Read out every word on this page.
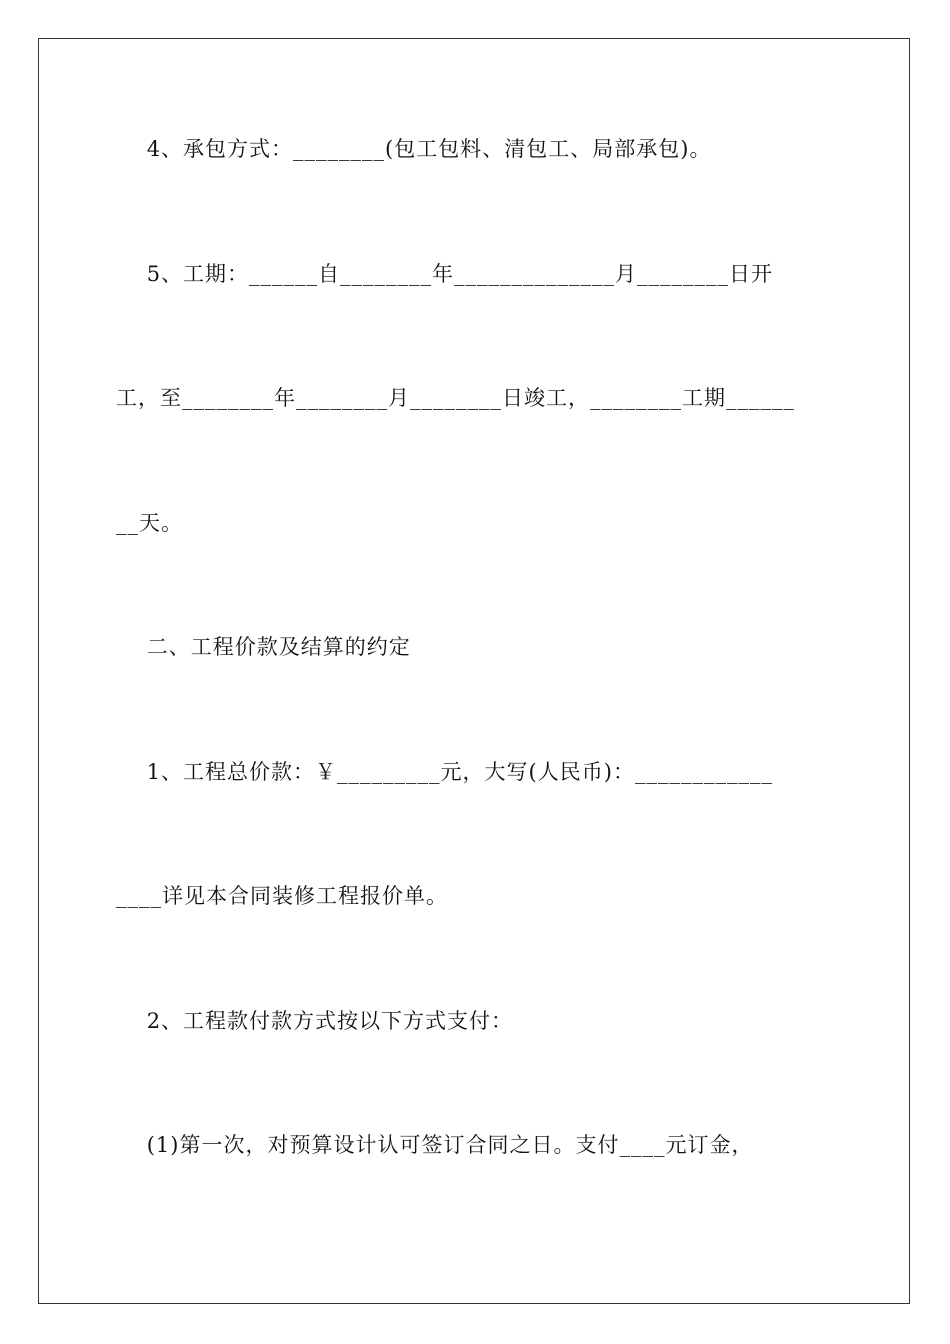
4、承包方式：________(包工包料、清包工、局部承包)。
5、工期：______自________年______________月________日开
工，至________年________月________日竣工，________工期______
__天。
二、工程价款及结算的约定
1、工程总价款：￥_________元，大写(人民币)：____________
____详见本合同装修工程报价单。
2、工程款付款方式按以下方式支付：
(1)第一次，对预算设计认可签订合同之日。支付____元订金，
